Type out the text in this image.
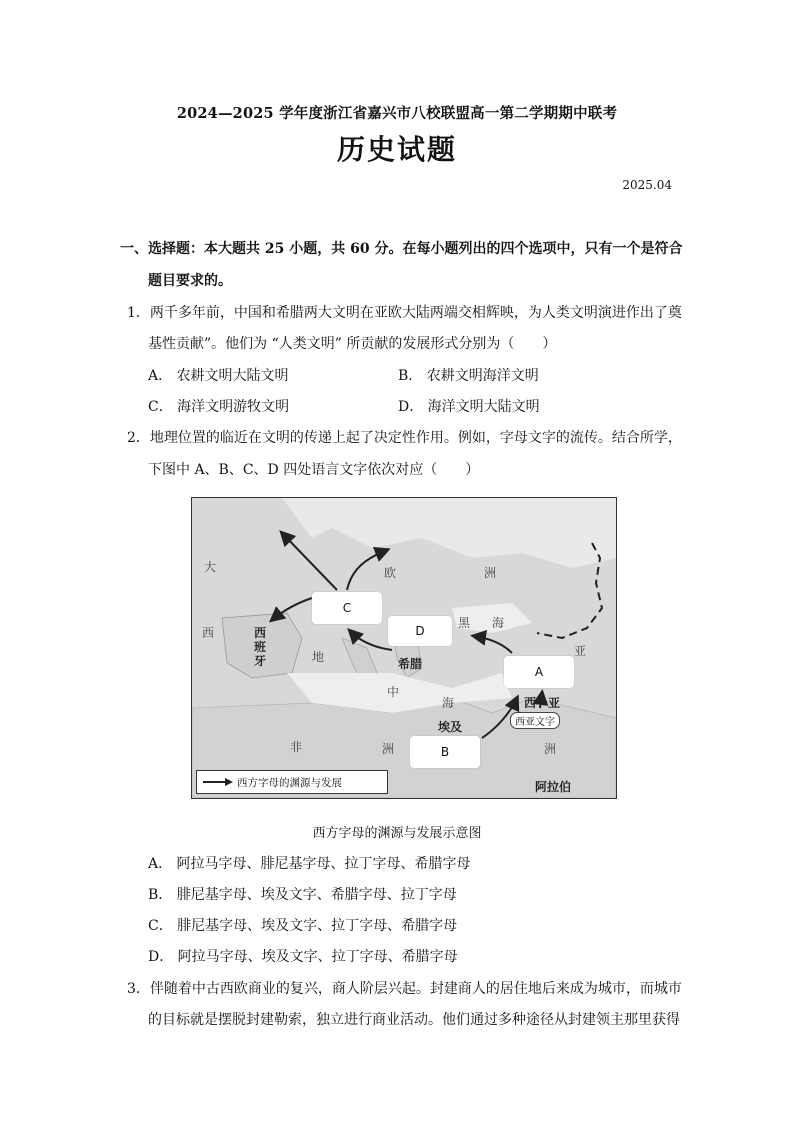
2024—2025 学年度浙江省嘉兴市八校联盟高一第二学期期中联考
历史试题
2025.04
一、选择题：本大题共 25 小题，共 60 分。在每小题列出的四个选项中，只有一个是符合
题目要求的。
1．两千多年前，中国和希腊两大文明在亚欧大陆两端交相辉映，为人类文明演进作出了奠
基性贡献”。他们为 “人类文明” 所贡献的发展形式分别为（　　）
A． 农耕文明大陆文明	B． 农耕文明海洋文明
C． 海洋文明游牧文明	D． 海洋文明大陆文明
2．地理位置的临近在文明的传递上起了决定性作用。例如，字母文字的流传。结合所学，
下图中 A、B、C、D 四处语言文字依次对应（　　）
大	欧	洲
西	西
班
牙	地
中
黑 海
亚
希腊
海	西　亚
埃及
非	洲	洲
阿拉伯
C
D
A
B
西亚文字
西方字母的渊源与发展
西方字母的渊源与发展示意图
A． 阿拉马字母、腓尼基字母、拉丁字母、希腊字母
B． 腓尼基字母、埃及文字、希腊字母、拉丁字母
C． 腓尼基字母、埃及文字、拉丁字母、希腊字母
D． 阿拉马字母、埃及文字、拉丁字母、希腊字母
3．伴随着中古西欧商业的复兴，商人阶层兴起。封建商人的居住地后来成为城市，而城市
的目标就是摆脱封建勒索，独立进行商业活动。他们通过多种途径从封建领主那里获得
